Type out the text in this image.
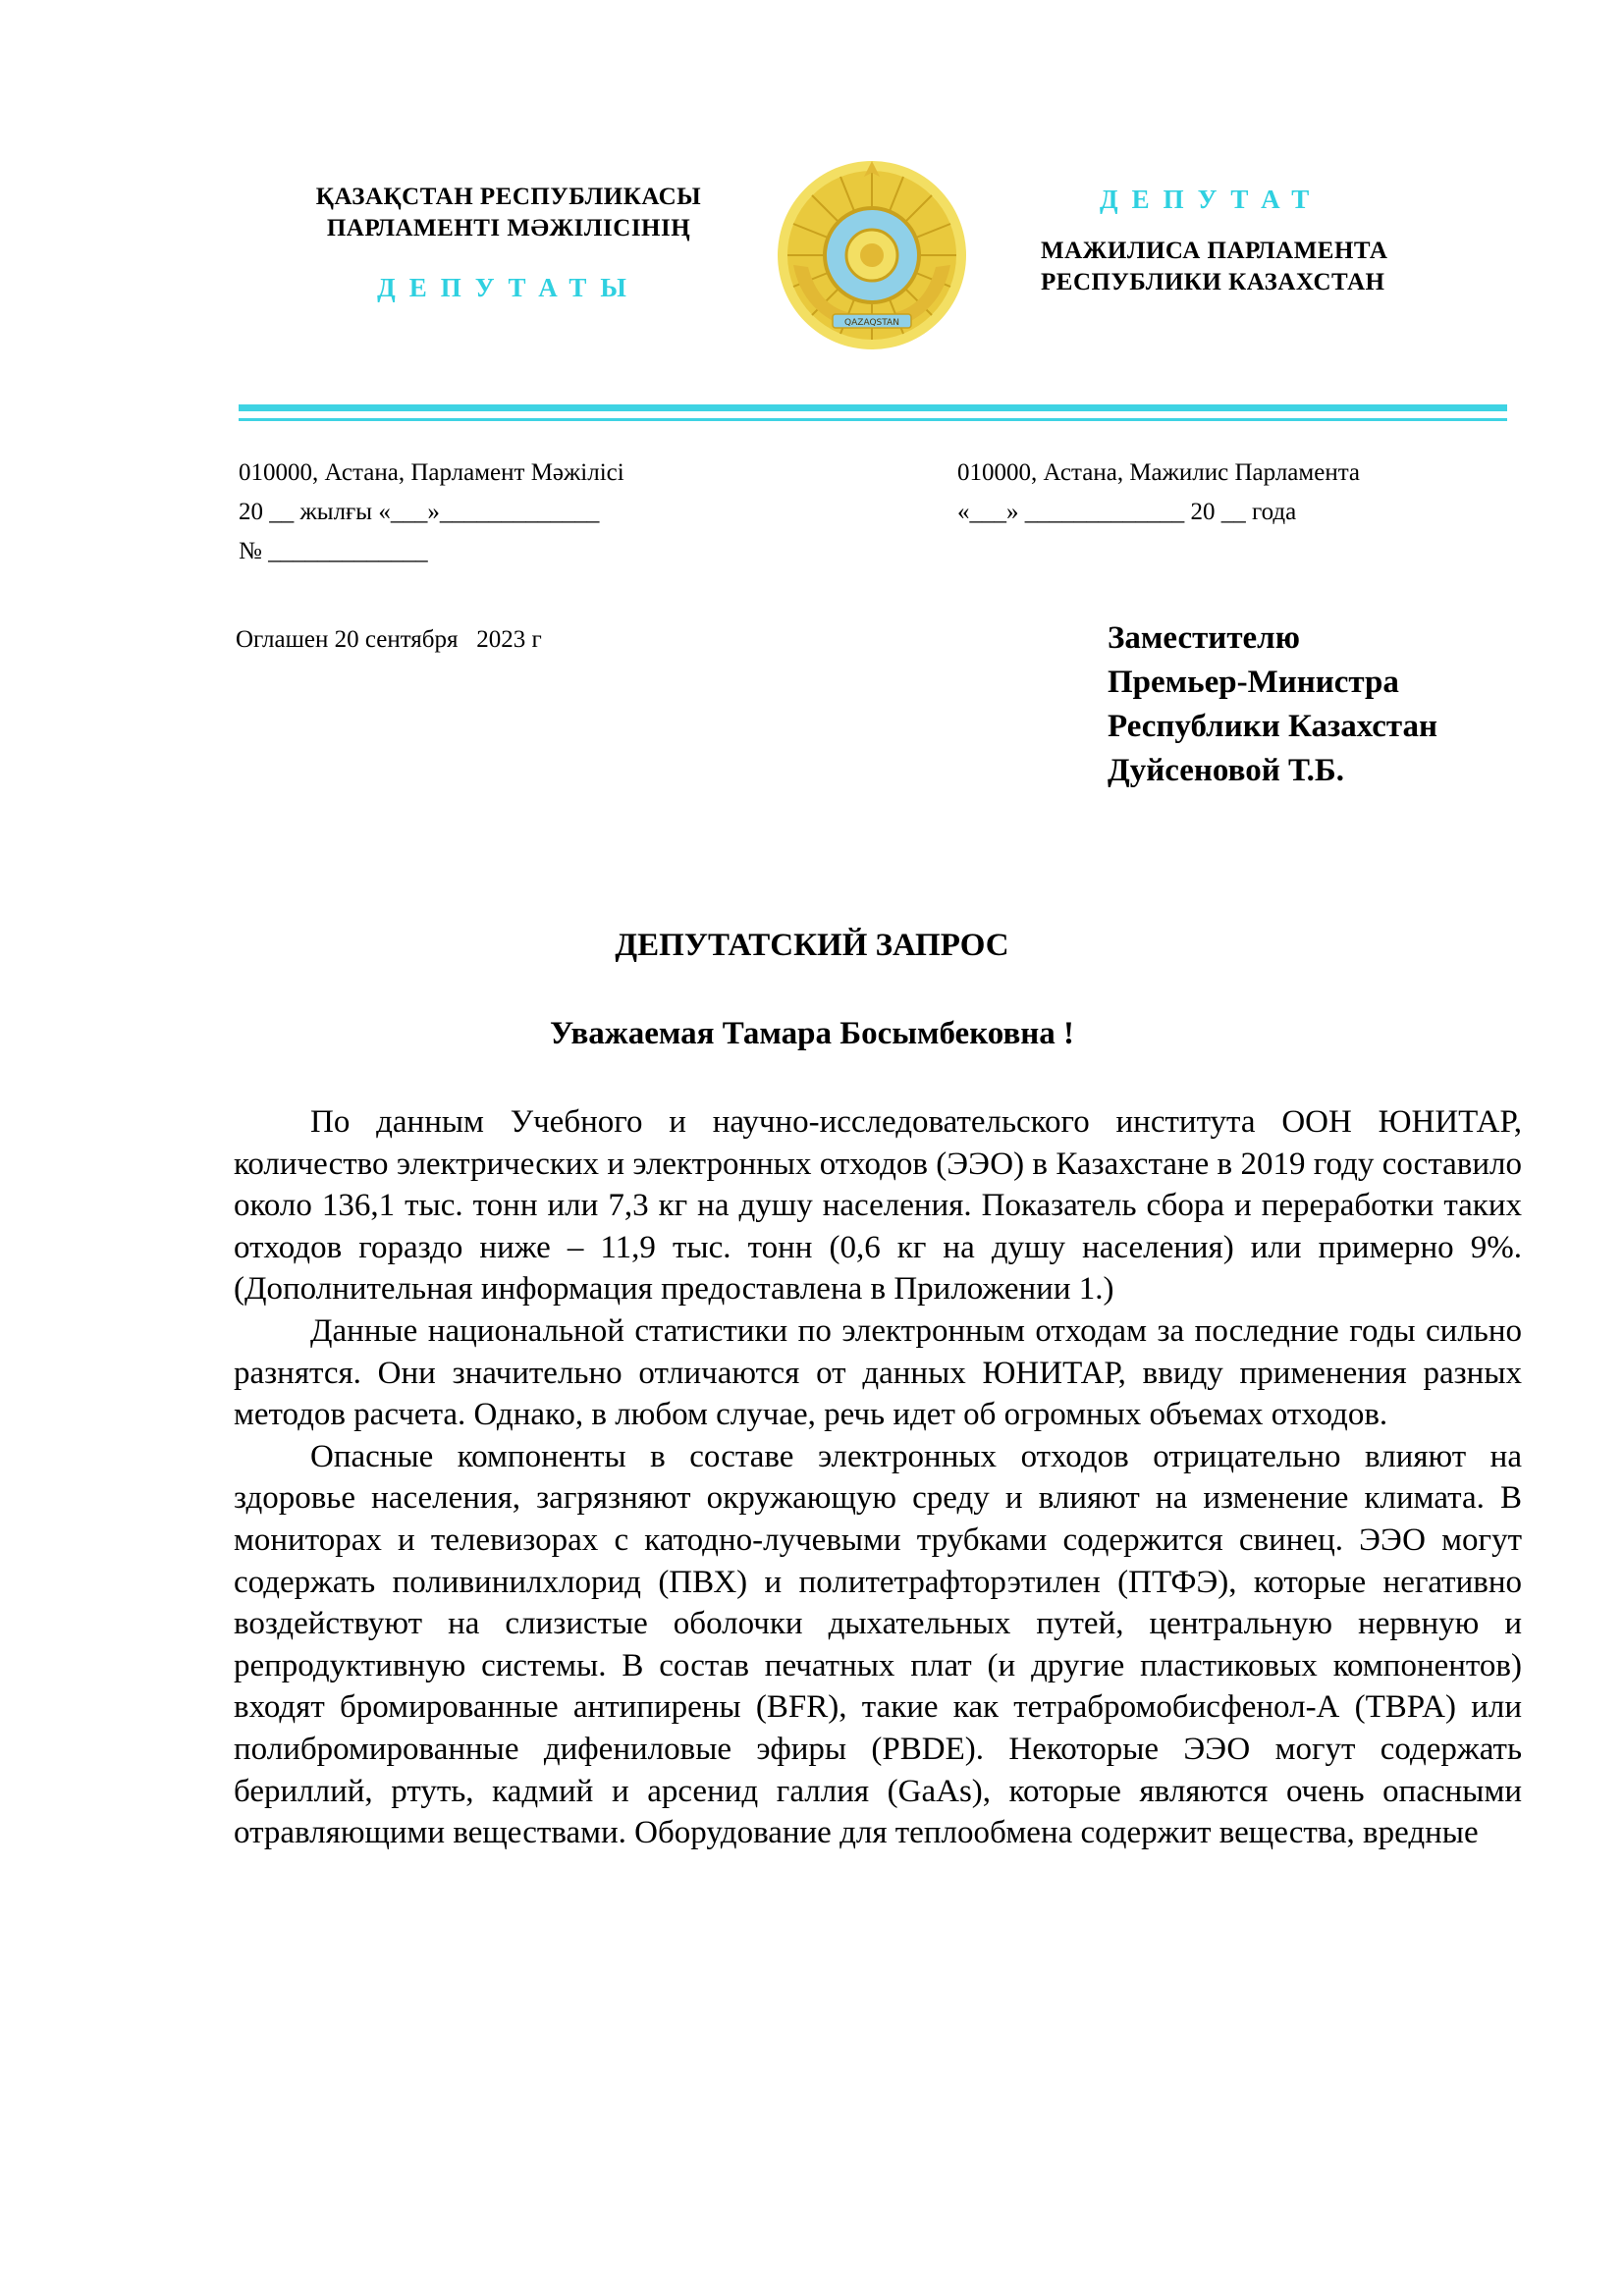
ҚАЗАҚСТАН РЕСПУБЛИКАСЫ
ПАРЛАМЕНТІ МӘЖІЛІСІНІҢ
ДЕПУТАТЫ
QAZAQSTAN
ДЕПУТАТ
МАЖИЛИСА ПАРЛАМЕНТА
РЕСПУБЛИКИ КАЗАХСТАН
010000, Астана, Парламент Мәжілісі
20 __ жылғы «___»_____________
№ _____________
010000, Астана, Мажилис Парламента
«___» _____________ 20 __ года
Оглашен 20 сентября   2023 г	Заместителю
Премьер-Министра
Республики Казахстан
Дуйсеновой Т.Б.
ДЕПУТАТСКИЙ ЗАПРОС
Уважаемая Тамара Босымбековна !

По данным Учебного и научно-исследовательского института ООН ЮНИТАР, количество электрических и электронных отходов (ЭЭО) в Казахстане в 2019 году составило около 136,1 тыс. тонн или 7,3 кг на душу населения. Показатель сбора и переработки таких отходов гораздо ниже – 11,9 тыс. тонн (0,6 кг на душу населения) или примерно 9%. (Дополнительная информация предоставлена в Приложении 1.)

Данные национальной статистики по электронным отходам за последние годы сильно разнятся. Они значительно отличаются от данных ЮНИТАР, ввиду применения разных методов расчета. Однако, в любом случае, речь идет об огромных объемах отходов.

Опасные компоненты в составе электронных отходов отрицательно влияют на здоровье населения, загрязняют окружающую среду и влияют на изменение климата. В мониторах и телевизорах с катодно-лучевыми трубками содержится свинец. ЭЭО могут содержать поливинилхлорид (ПВХ) и политетрафторэтилен (ПТФЭ), которые негативно воздействуют на слизистые оболочки дыхательных путей, центральную нервную и репродуктивную системы. В состав печатных плат (и другие пластиковых компонентов) входят бромированные антипирены (BFR), такие как тетрабромобисфенол-А (TBPA) или полибромированные дифениловые эфиры (PBDE). Некоторые ЭЭО могут содержать бериллий, ртуть, кадмий и арсенид галлия (GaAs), которые являются очень опасными отравляющими веществами. Оборудование для теплообмена содержит вещества, вредные
